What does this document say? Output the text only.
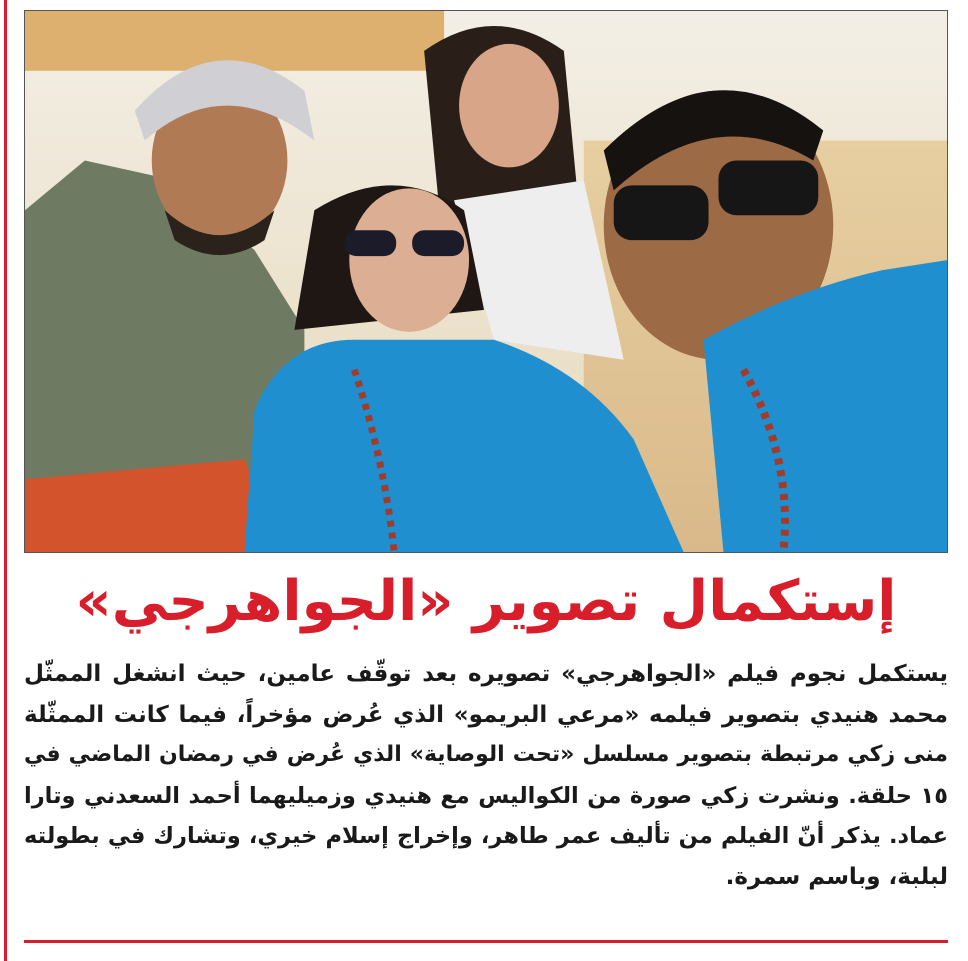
إستكمال تصوير «الجواهرجي»
يستكمل نجوم فيلم «الجواهرجي» تصويره بعد توقّف عامين، حيث انشغل الممثّل
محمد هنيدي بتصوير فيلمه «مرعي البريمو» الذي عُرض مؤخراً، فيما كانت الممثّلة
منى زكي مرتبطة بتصوير مسلسل «تحت الوصاية» الذي عُرض في رمضان الماضي في
١٥ حلقة. ونشرت زكي صورة من الكواليس مع هنيدي وزميليهما أحمد السعدني وتارا
عماد. يذكر أنّ الفيلم من تأليف عمر طاهر، وإخراج إسلام خيري، وتشارك في بطولته
لبلبة، وباسم سمرة.
